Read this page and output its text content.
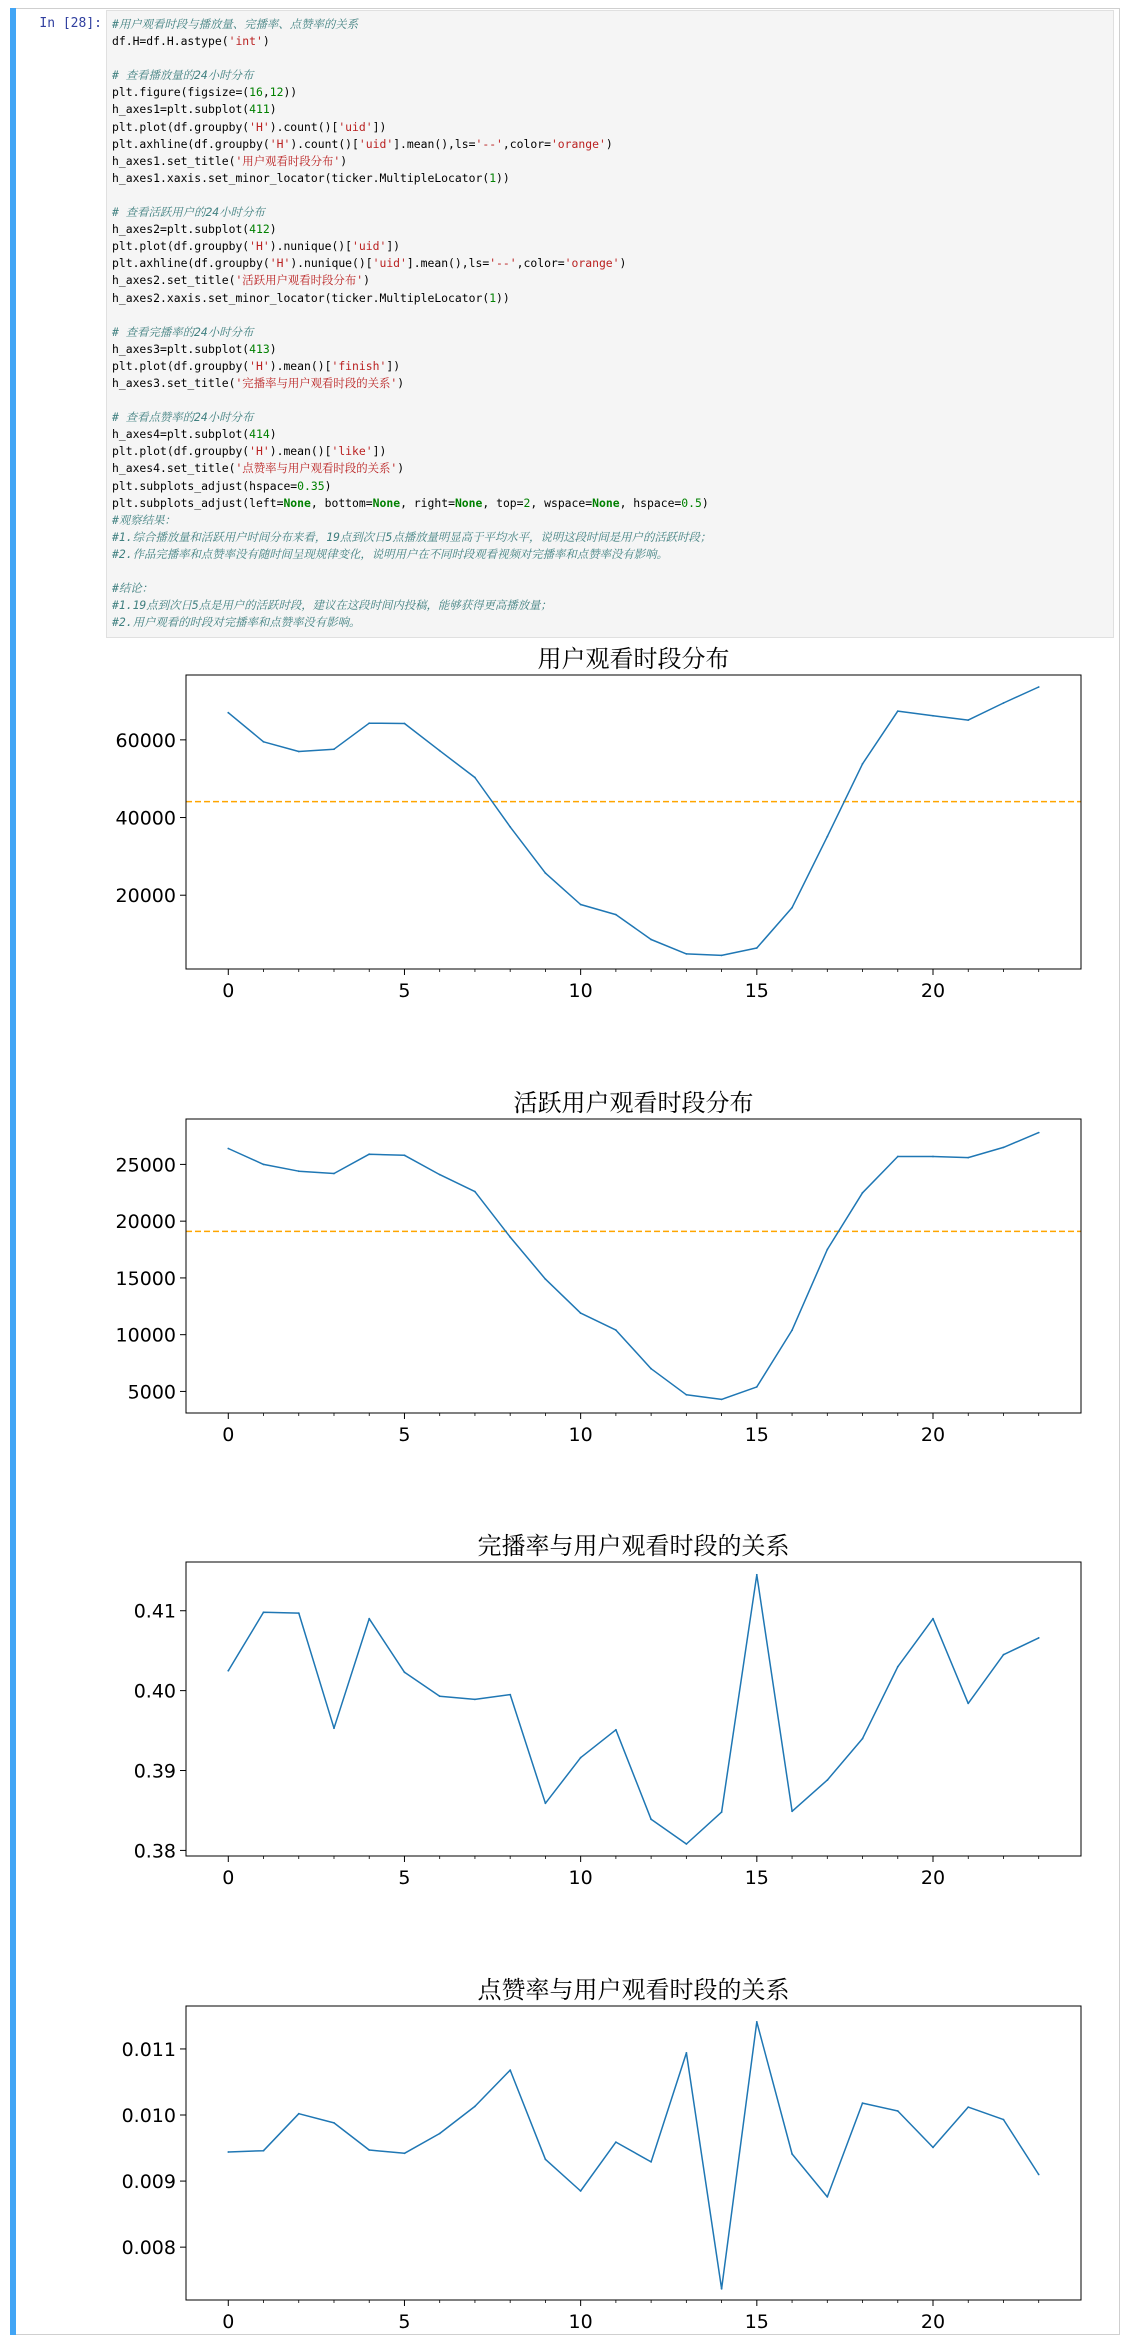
In [28]: #用户观看时段与播放量、完播率、点赞率的关系
df.H=df.H.astype('int')
# 查看播放量的24小时分布
plt.figure(figsize=(16,12))
h_axes1=plt.subplot(411)
plt.plot(df.groupby('H').count()['uid'])
plt.axhline(df.groupby('H').count()['uid'].mean(),ls='--',color='orange')
h_axes1.set_title('用户观看时段分布')
h_axes1.xaxis.set_minor_locator(ticker.MultipleLocator(1))
# 查看活跃用户的24小时分布
h_axes2=plt.subplot(412)
plt.plot(df.groupby('H').nunique()['uid'])
plt.axhline(df.groupby('H').nunique()['uid'].mean(),ls='--',color='orange')
h_axes2.set_title('活跃用户观看时段分布')
h_axes2.xaxis.set_minor_locator(ticker.MultipleLocator(1))
# 查看完播率的24小时分布
h_axes3=plt.subplot(413)
plt.plot(df.groupby('H').mean()['finish'])
h_axes3.set_title('完播率与用户观看时段的关系')
# 查看点赞率的24小时分布
h_axes4=plt.subplot(414)
plt.plot(df.groupby('H').mean()['like'])
h_axes4.set_title('点赞率与用户观看时段的关系')
plt.subplots_adjust(hspace=0.35)
plt.subplots_adjust(left=None, bottom=None, right=None, top=2, wspace=None, hspace=0.5)
#观察结果：
#1.综合播放量和活跃用户时间分布来看，19点到次日5点播放量明显高于平均水平，说明这段时间是用户的活跃时段；
#2.作品完播率和点赞率没有随时间呈现规律变化，说明用户在不同时段观看视频对完播率和点赞率没有影响。
#结论：
#1.19点到次日5点是用户的活跃时段，建议在这段时间内投稿，能够获得更高播放量；
#2.用户观看的时段对完播率和点赞率没有影响。
用户观看时段分布
0	5	10	15	20
20000
40000
60000
活跃用户观看时段分布
0	5	10	15	20
5000
10000
15000
20000
25000
完播率与用户观看时段的关系
0	5	10	15	20
0.38
0.39
0.40
0.41
点赞率与用户观看时段的关系
0	5	10	15	20
0.008
0.009
0.010
0.011
